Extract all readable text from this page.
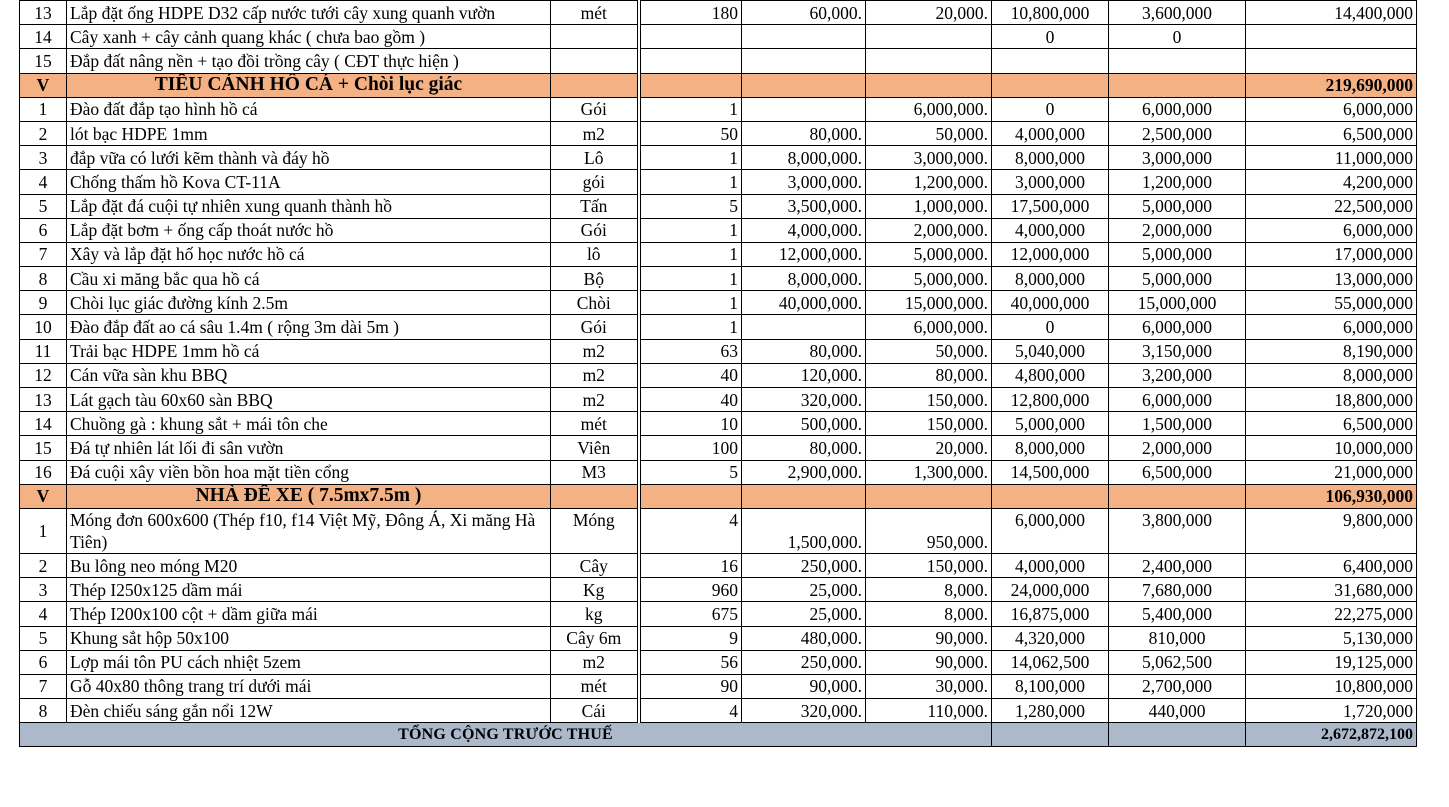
13	Lắp đặt ống HDPE D32 cấp nước tưới cây xung quanh vườn	mét	180	60,000.	20,000.	10,800,000	3,600,000	14,400,000
14	Cây xanh + cây cảnh quang khác ( chưa bao gồm )					0	0	
15	Đắp đất nâng nền + tạo đồi trồng cây ( CĐT thực hiện )							
V	TIỂU CẢNH HỒ CÁ + Chòi lục giác							219,690,000
1	Đào đất đắp tạo hình hồ cá	Gói	1		6,000,000.	0	6,000,000	6,000,000
2	lót bạc HDPE 1mm	m2	50	80,000.	50,000.	4,000,000	2,500,000	6,500,000
3	đắp vữa có lưới kẽm thành và đáy hồ	Lô	1	8,000,000.	3,000,000.	8,000,000	3,000,000	11,000,000
4	Chống thấm hồ Kova CT-11A	gói	1	3,000,000.	1,200,000.	3,000,000	1,200,000	4,200,000
5	Lắp đặt đá cuội tự nhiên xung quanh thành hồ	Tấn	5	3,500,000.	1,000,000.	17,500,000	5,000,000	22,500,000
6	Lắp đặt bơm + ống cấp thoát nước hồ	Gói	1	4,000,000.	2,000,000.	4,000,000	2,000,000	6,000,000
7	Xây và lắp đặt hố học nước hồ cá	lô	1	12,000,000.	5,000,000.	12,000,000	5,000,000	17,000,000
8	Cầu xi măng bắc qua hồ cá	Bộ	1	8,000,000.	5,000,000.	8,000,000	5,000,000	13,000,000
9	Chòi lục giác đường kính 2.5m	Chòi	1	40,000,000.	15,000,000.	40,000,000	15,000,000	55,000,000
10	Đào đắp đất ao cá sâu 1.4m ( rộng 3m dài 5m )	Gói	1		6,000,000.	0	6,000,000	6,000,000
11	Trải bạc HDPE 1mm hồ cá	m2	63	80,000.	50,000.	5,040,000	3,150,000	8,190,000
12	Cán vữa sàn khu BBQ	m2	40	120,000.	80,000.	4,800,000	3,200,000	8,000,000
13	Lát gạch tàu 60x60 sàn BBQ	m2	40	320,000.	150,000.	12,800,000	6,000,000	18,800,000
14	Chuồng gà : khung sắt + mái tôn che	mét	10	500,000.	150,000.	5,000,000	1,500,000	6,500,000
15	Đá tự nhiên lát lối đi sân vườn	Viên	100	80,000.	20,000.	8,000,000	2,000,000	10,000,000
16	Đá cuội xây viền bồn hoa mặt tiền cổng	M3	5	2,900,000.	1,300,000.	14,500,000	6,500,000	21,000,000
V	NHÀ ĐỂ XE ( 7.5mx7.5m )							106,930,000
1	Móng đơn 600x600 (Thép f10, f14 Việt Mỹ, Đông Á, Xi măng Hà Tiên)	Móng	4	1,500,000.	950,000.	6,000,000	3,800,000	9,800,000
2	Bu lông neo móng M20	Cây	16	250,000.	150,000.	4,000,000	2,400,000	6,400,000
3	Thép I250x125 dầm mái	Kg	960	25,000.	8,000.	24,000,000	7,680,000	31,680,000
4	Thép I200x100 cột + dầm giữa mái	kg	675	25,000.	8,000.	16,875,000	5,400,000	22,275,000
5	Khung sắt hộp 50x100	Cây 6m	9	480,000.	90,000.	4,320,000	810,000	5,130,000
6	Lợp mái tôn PU cách nhiệt 5zem	m2	56	250,000.	90,000.	14,062,500	5,062,500	19,125,000
7	Gỗ 40x80 thông trang trí dưới mái	mét	90	90,000.	30,000.	8,100,000	2,700,000	10,800,000
8	Đèn chiếu sáng gắn nổi 12W	Cái	4	320,000.	110,000.	1,280,000	440,000	1,720,000
TỔNG CỘNG TRƯỚC THUẾ								2,672,872,100
